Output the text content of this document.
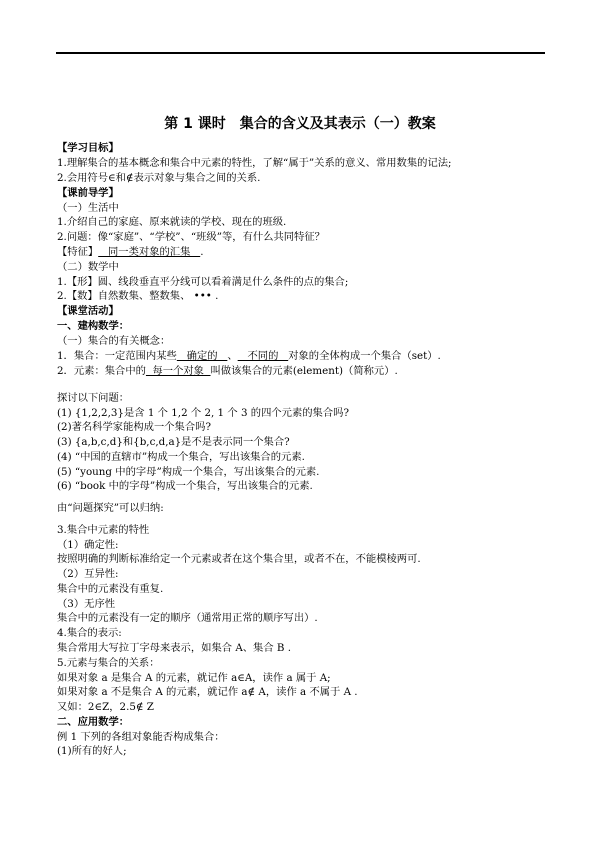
第 1 课时　集合的含义及其表示（一）教案
【学习目标】
1.理解集合的基本概念和集合中元素的特性，了解“属于”关系的意义、常用数集的记法;
2.会用符号∈和∉表示对象与集合之间的关系.
【课前导学】
（一）生活中
1.介绍自己的家庭、原来就读的学校、现在的班级.
2.问题：像“家庭”、“学校”、“班级”等，有什么共同特征？
【特征】   同一类对象的汇集   .
（二）数学中
1.【形】圆、线段垂直平分线可以看着满足什么条件的点的集合;
2.【数】自然数集、整数集、 ••• .
【课堂活动】
一、建构数学：
（一）集合的有关概念：
1．集合：一定范围内某些   确定的   、   不同的   对象的全体构成一个集合（set）.
2．元素：集合中的  每一个对象  叫做该集合的元素(element)（简称元）.
探讨以下问题：
(1) {1,2,2,3}是含 1 个 1,2 个 2, 1 个 3 的四个元素的集合吗?
(2)著名科学家能构成一个集合吗?
(3) {a,b,c,d}和{b,c,d,a}是不是表示同一个集合?
(4) “中国的直辖市”构成一个集合，写出该集合的元素.
(5) “young 中的字母”构成一个集合，写出该集合的元素.
(6) “book 中的字母”构成一个集合，写出该集合的元素.
由“问题探究”可以归纳:
3.集合中元素的特性
（1）确定性:
按照明确的判断标准给定一个元素或者在这个集合里，或者不在，不能模棱两可.
（2）互异性:
集合中的元素没有重复.
（3）无序性
集合中的元素没有一定的顺序（通常用正常的顺序写出）.
4.集合的表示:
集合常用大写拉丁字母来表示，如集合 A、集合 B .
5.元素与集合的关系：
如果对象 a 是集合 A 的元素，就记作 a∈A，读作 a 属于 A;
如果对象 a 不是集合 A 的元素，就记作 a∉ A，读作 a 不属于 A .
又如：2∈Z，2.5∉ Z
二、应用数学：
例 1 下列的各组对象能否构成集合：
(1)所有的好人;
